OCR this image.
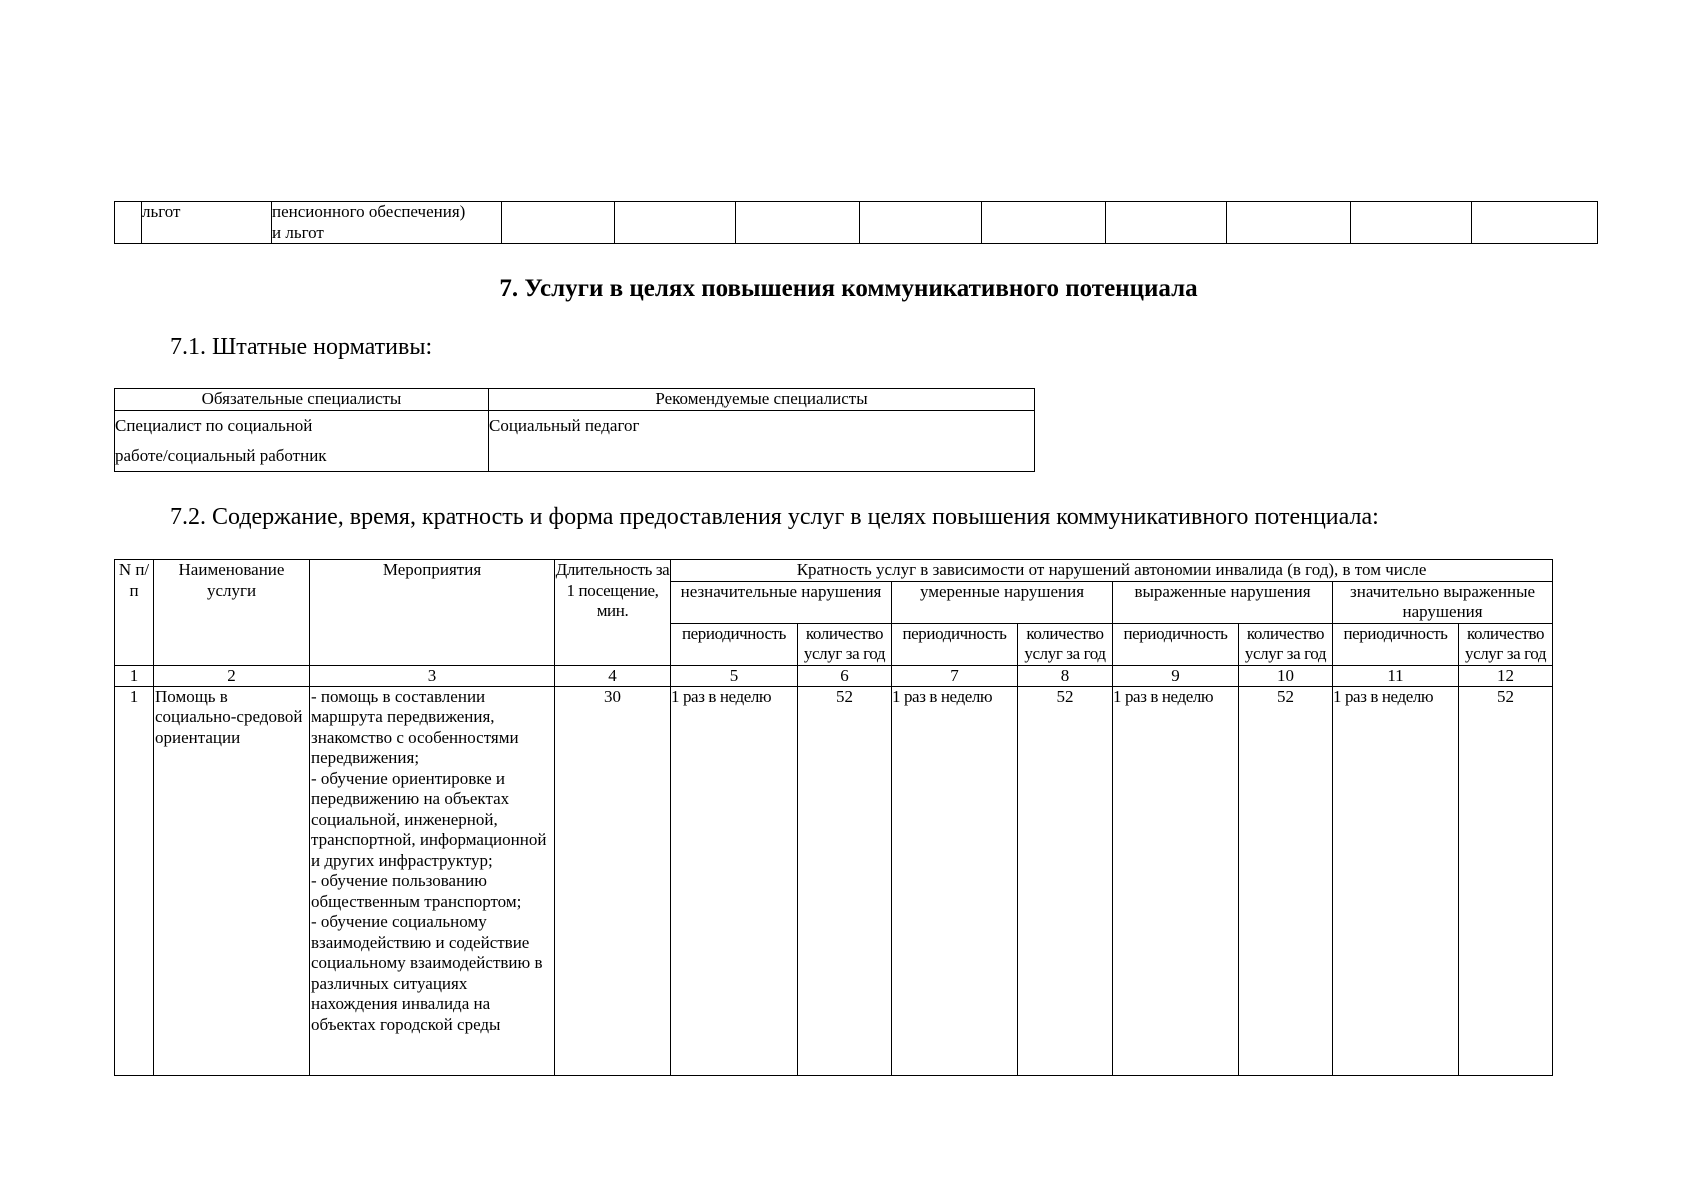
	льгот	пенсионного обеспечения)
и льгот

7. Услуги в целях повышения коммуникативного потенциала
7.1. Штатные нормативы:
Обязательные специалисты	Рекомендуемые специалисты

Специалист по социальной
работе/социальный работник	Социальный педагог
7.2. Содержание, время, кратность и форма предоставления услуг в целях повышения коммуникативного потенциала:
N п/п	Наименование услуги	Мероприятия	Длительность за 1 посещение, мин.	Кратность услуг в зависимости от нарушений автономии инвалида (в год), в том числе							
				незначительные нарушения		умеренные нарушения		выраженные нарушения		значительно выраженные нарушения	
				периодичность	количество услуг за год	периодичность	количество услуг за год	периодичность	количество услуг за год	периодичность	количество услуг за год
1	2	3	4	5	6	7	8	9	10	11	12
1	Помощь в социально-средовой ориентации	- помощь в составлении маршрута передвижения, знакомство с особенностями передвижения;
- обучение ориентировке и передвижению на объектах социальной, инженерной, транспортной, информационной и других инфраструктур;
- обучение пользованию общественным транспортом;
- обучение социальному взаимодействию и содействие социальному взаимодействию в различных ситуациях нахождения инвалида на объектах городской среды	30	1 раз в неделю	52	1 раз в неделю	52	1 раз в неделю	52	1 раз в неделю	52
